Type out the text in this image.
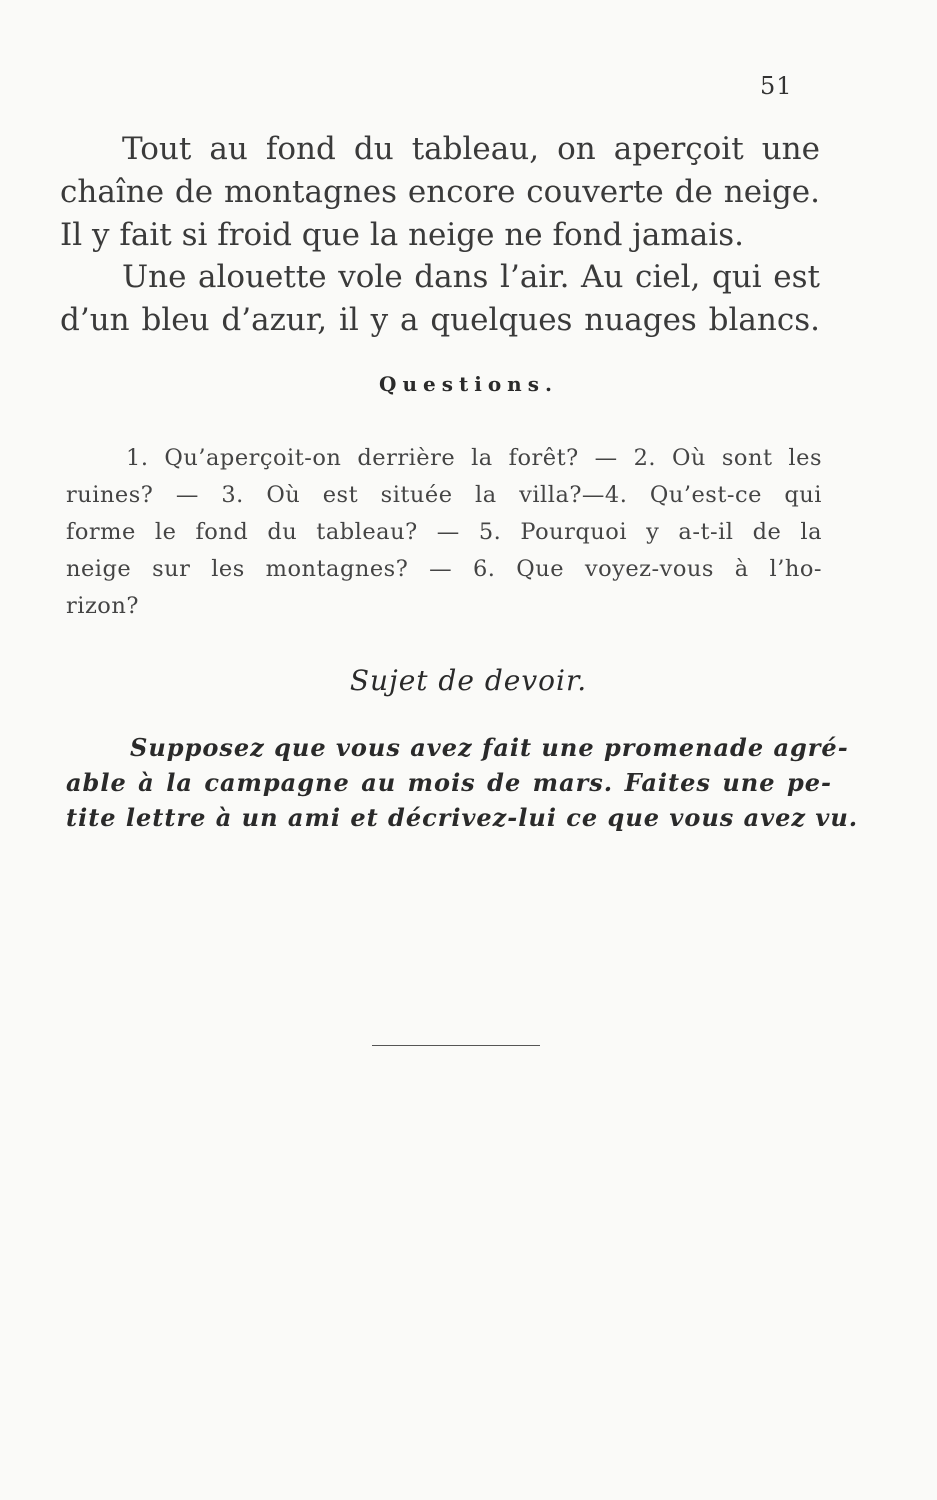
51
Tout au fond du tableau, on aperçoit une
chaîne de montagnes encore couverte de neige.
Il y fait si froid que la neige ne fond jamais.
Une alouette vole dans l’air. Au ciel, qui est
d’un bleu d’azur, il y a quelques nuages blancs.
Questions.
1. Qu’aperçoit-on derrière la forêt? — 2. Où sont les
ruines? — 3. Où est située la villa?—4. Qu’est-ce qui
forme le fond du tableau? — 5. Pourquoi y a-t-il de la
neige sur les montagnes? — 6. Que voyez-vous à l’ho-
rizon?
Sujet de devoir.
Supposez que vous avez fait une promenade agré-
able à la campagne au mois de mars. Faites une pe-
tite lettre à un ami et décrivez-lui ce que vous avez vu.
